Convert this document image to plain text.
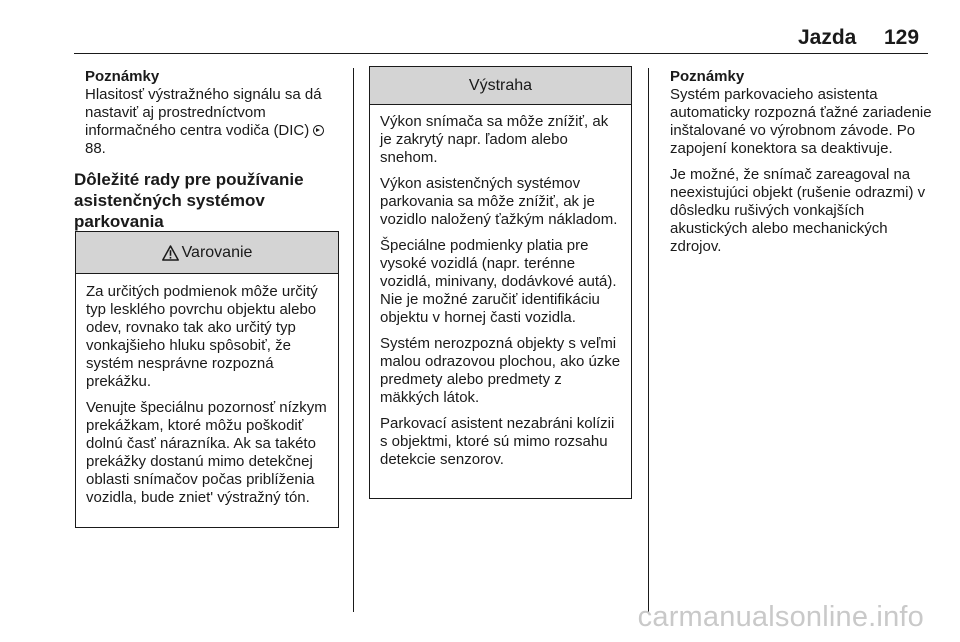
Jazda 129
Poznámky
Hlasitosť výstražného signálu sa dá nastaviť aj prostredníctvom informačného centra vodiča (DIC) 88.
Dôležité rady pre používanie asistenčných systémov parkovania
Varovanie

Za určitých podmienok môže určitý typ lesklého povrchu objektu alebo odev, rovnako tak ako určitý typ vonkajšieho hluku spôsobiť, že systém nesprávne rozpozná prekážku.

Venujte špeciálnu pozornosť nízkym prekážkam, ktoré môžu poškodiť dolnú časť nárazníka. Ak sa takéto prekážky dostanú mimo detekčnej oblasti snímačov počas priblíženia vozidla, bude zniet' výstražný tón.

Výstraha

Výkon snímača sa môže znížiť, ak je zakrytý napr. ľadom alebo snehom.

Výkon asistenčných systémov parkovania sa môže znížiť, ak je vozidlo naložený ťažkým nákladom.

Špeciálne podmienky platia pre vysoké vozidlá (napr. terénne vozidlá, minivany, dodávkové autá). Nie je možné zaručiť identifikáciu objektu v hornej časti vozidla.

Systém nerozpozná objekty s veľmi malou odrazovou plochou, ako úzke predmety alebo predmety z mäkkých látok.

Parkovací asistent nezabráni kolízii s objektmi, ktoré sú mimo rozsahu detekcie senzorov.

Poznámky

Systém parkovacieho asistenta automaticky rozpozná ťažné zariadenie inštalované vo výrobnom závode. Po zapojení konektora sa deaktivuje.

Je možné, že snímač zareagoval na neexistujúci objekt (rušenie odrazmi) v dôsledku rušivých vonkajších akustických alebo mechanických zdrojov.

carmanualsonline.info
